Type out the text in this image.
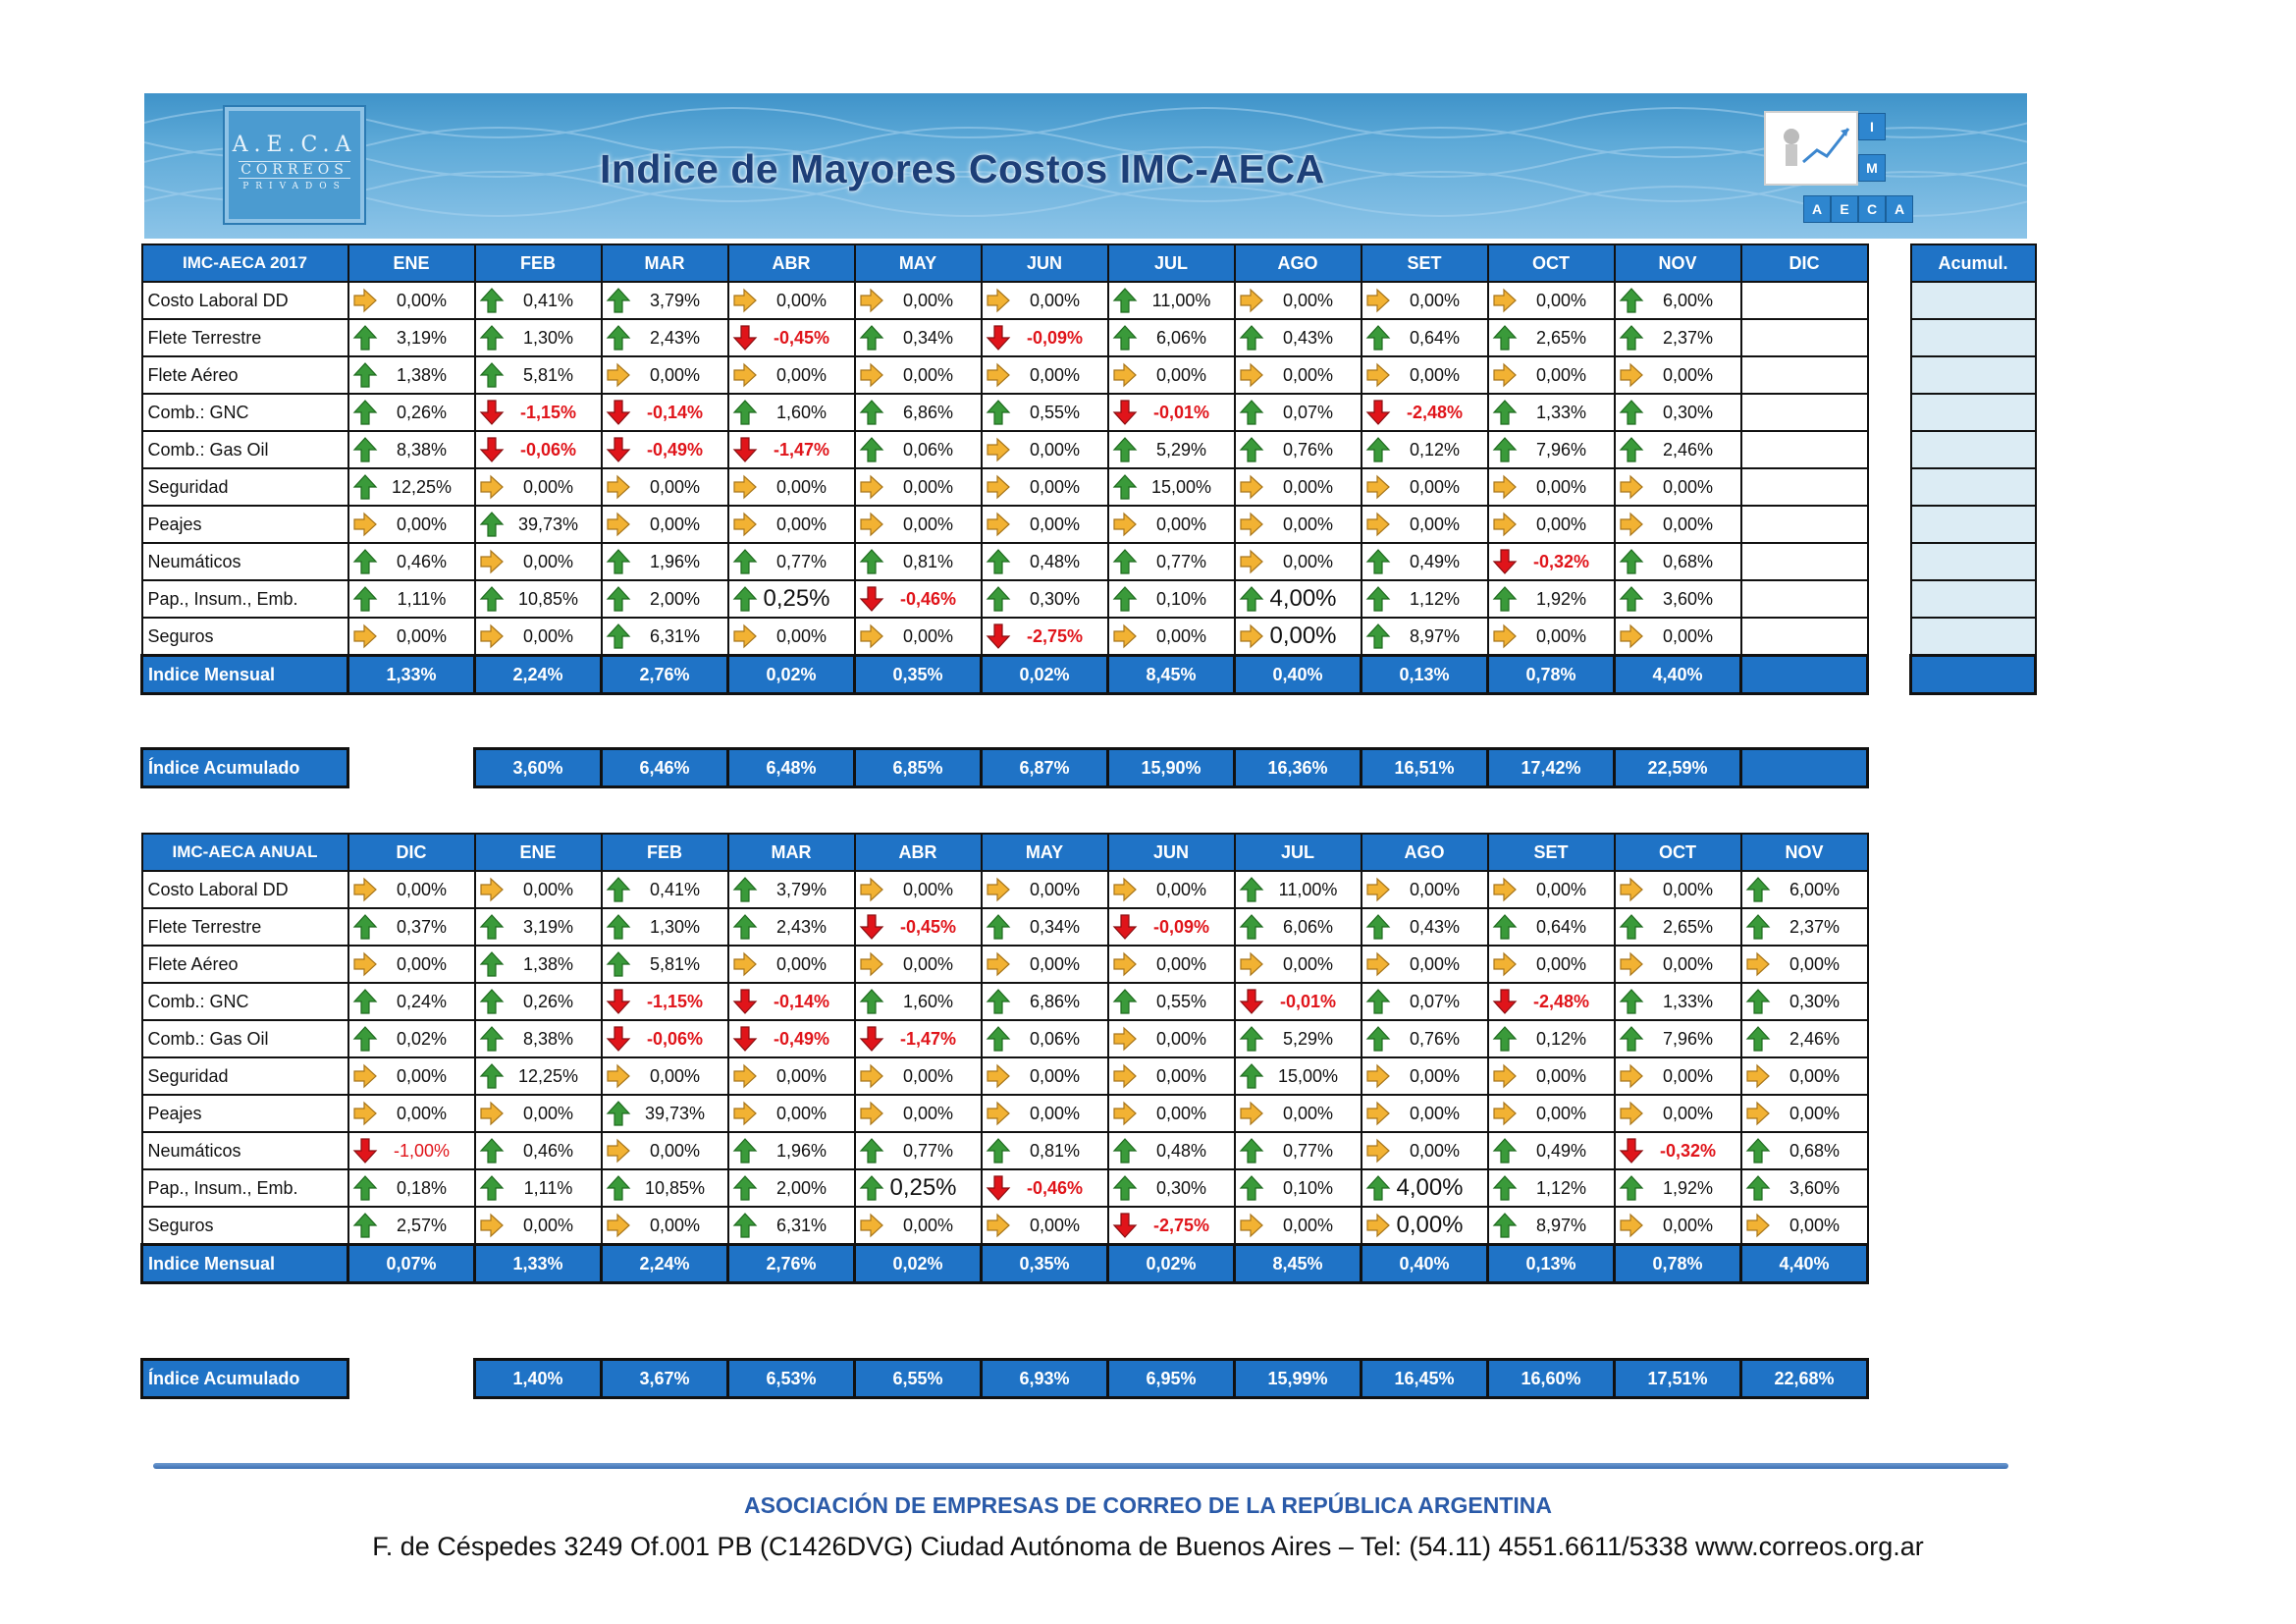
A.E.C.A
CORREOS
PRIVADOS	Indice de Mayores Costos IMC-AECA
I
M
A	E	C	A
IMC-AECA 2017	ENE	FEB	MAR	ABR	MAY	JUN	JUL	AGO	SET	OCT	NOV	DIC
Costo Laboral DD	0,00%	0,41%	3,79%	0,00%	0,00%	0,00%	11,00%	0,00%	0,00%	0,00%	6,00%	

Flete Terrestre	3,19%	1,30%	2,43%	-0,45%	0,34%	-0,09%	6,06%	0,43%	0,64%	2,65%	2,37%	

Flete Aéreo	1,38%	5,81%	0,00%	0,00%	0,00%	0,00%	0,00%	0,00%	0,00%	0,00%	0,00%	

Comb.: GNC	0,26%	-1,15%	-0,14%	1,60%	6,86%	0,55%	-0,01%	0,07%	-2,48%	1,33%	0,30%	

Comb.: Gas Oil	8,38%	-0,06%	-0,49%	-1,47%	0,06%	0,00%	5,29%	0,76%	0,12%	7,96%	2,46%	

Seguridad	12,25%	0,00%	0,00%	0,00%	0,00%	0,00%	15,00%	0,00%	0,00%	0,00%	0,00%	

Peajes	0,00%	39,73%	0,00%	0,00%	0,00%	0,00%	0,00%	0,00%	0,00%	0,00%	0,00%	

Neumáticos	0,46%	0,00%	1,96%	0,77%	0,81%	0,48%	0,77%	0,00%	0,49%	-0,32%	0,68%	

Pap., Insum., Emb.	1,11%	10,85%	2,00%	0,25%	-0,46%	0,30%	0,10%	4,00%	1,12%	1,92%	3,60%	

Seguros	0,00%	0,00%	6,31%	0,00%	0,00%	-2,75%	0,00%	0,00%	8,97%	0,00%	0,00%	

Indice Mensual	1,33%	2,24%	2,76%	0,02%	0,35%	0,02%	8,45%	0,40%	0,13%	0,78%	4,40%	
Acumul.

Índice Acumulado		3,60%	6,46%	6,48%	6,85%	6,87%	15,90%	16,36%	16,51%	17,42%	22,59%	
IMC-AECA ANUAL	DIC	ENE	FEB	MAR	ABR	MAY	JUN	JUL	AGO	SET	OCT	NOV
Costo Laboral DD	0,00%	0,00%	0,41%	3,79%	0,00%	0,00%	0,00%	11,00%	0,00%	0,00%	0,00%	6,00%

Flete Terrestre	0,37%	3,19%	1,30%	2,43%	-0,45%	0,34%	-0,09%	6,06%	0,43%	0,64%	2,65%	2,37%

Flete Aéreo	0,00%	1,38%	5,81%	0,00%	0,00%	0,00%	0,00%	0,00%	0,00%	0,00%	0,00%	0,00%

Comb.: GNC	0,24%	0,26%	-1,15%	-0,14%	1,60%	6,86%	0,55%	-0,01%	0,07%	-2,48%	1,33%	0,30%

Comb.: Gas Oil	0,02%	8,38%	-0,06%	-0,49%	-1,47%	0,06%	0,00%	5,29%	0,76%	0,12%	7,96%	2,46%

Seguridad	0,00%	12,25%	0,00%	0,00%	0,00%	0,00%	0,00%	15,00%	0,00%	0,00%	0,00%	0,00%

Peajes	0,00%	0,00%	39,73%	0,00%	0,00%	0,00%	0,00%	0,00%	0,00%	0,00%	0,00%	0,00%

Neumáticos	-1,00%	0,46%	0,00%	1,96%	0,77%	0,81%	0,48%	0,77%	0,00%	0,49%	-0,32%	0,68%

Pap., Insum., Emb.	0,18%	1,11%	10,85%	2,00%	0,25%	-0,46%	0,30%	0,10%	4,00%	1,12%	1,92%	3,60%

Seguros	2,57%	0,00%	0,00%	6,31%	0,00%	0,00%	-2,75%	0,00%	0,00%	8,97%	0,00%	0,00%

Indice Mensual	0,07%	1,33%	2,24%	2,76%	0,02%	0,35%	0,02%	8,45%	0,40%	0,13%	0,78%	4,40%
Índice Acumulado		1,40%	3,67%	6,53%	6,55%	6,93%	6,95%	15,99%	16,45%	16,60%	17,51%	22,68%
ASOCIACIÓN DE EMPRESAS DE CORREO DE LA REPÚBLICA ARGENTINA
F. de Céspedes 3249 Of.001 PB (C1426DVG) Ciudad Autónoma de Buenos Aires – Tel: (54.11) 4551.6611/5338 www.correos.org.ar
